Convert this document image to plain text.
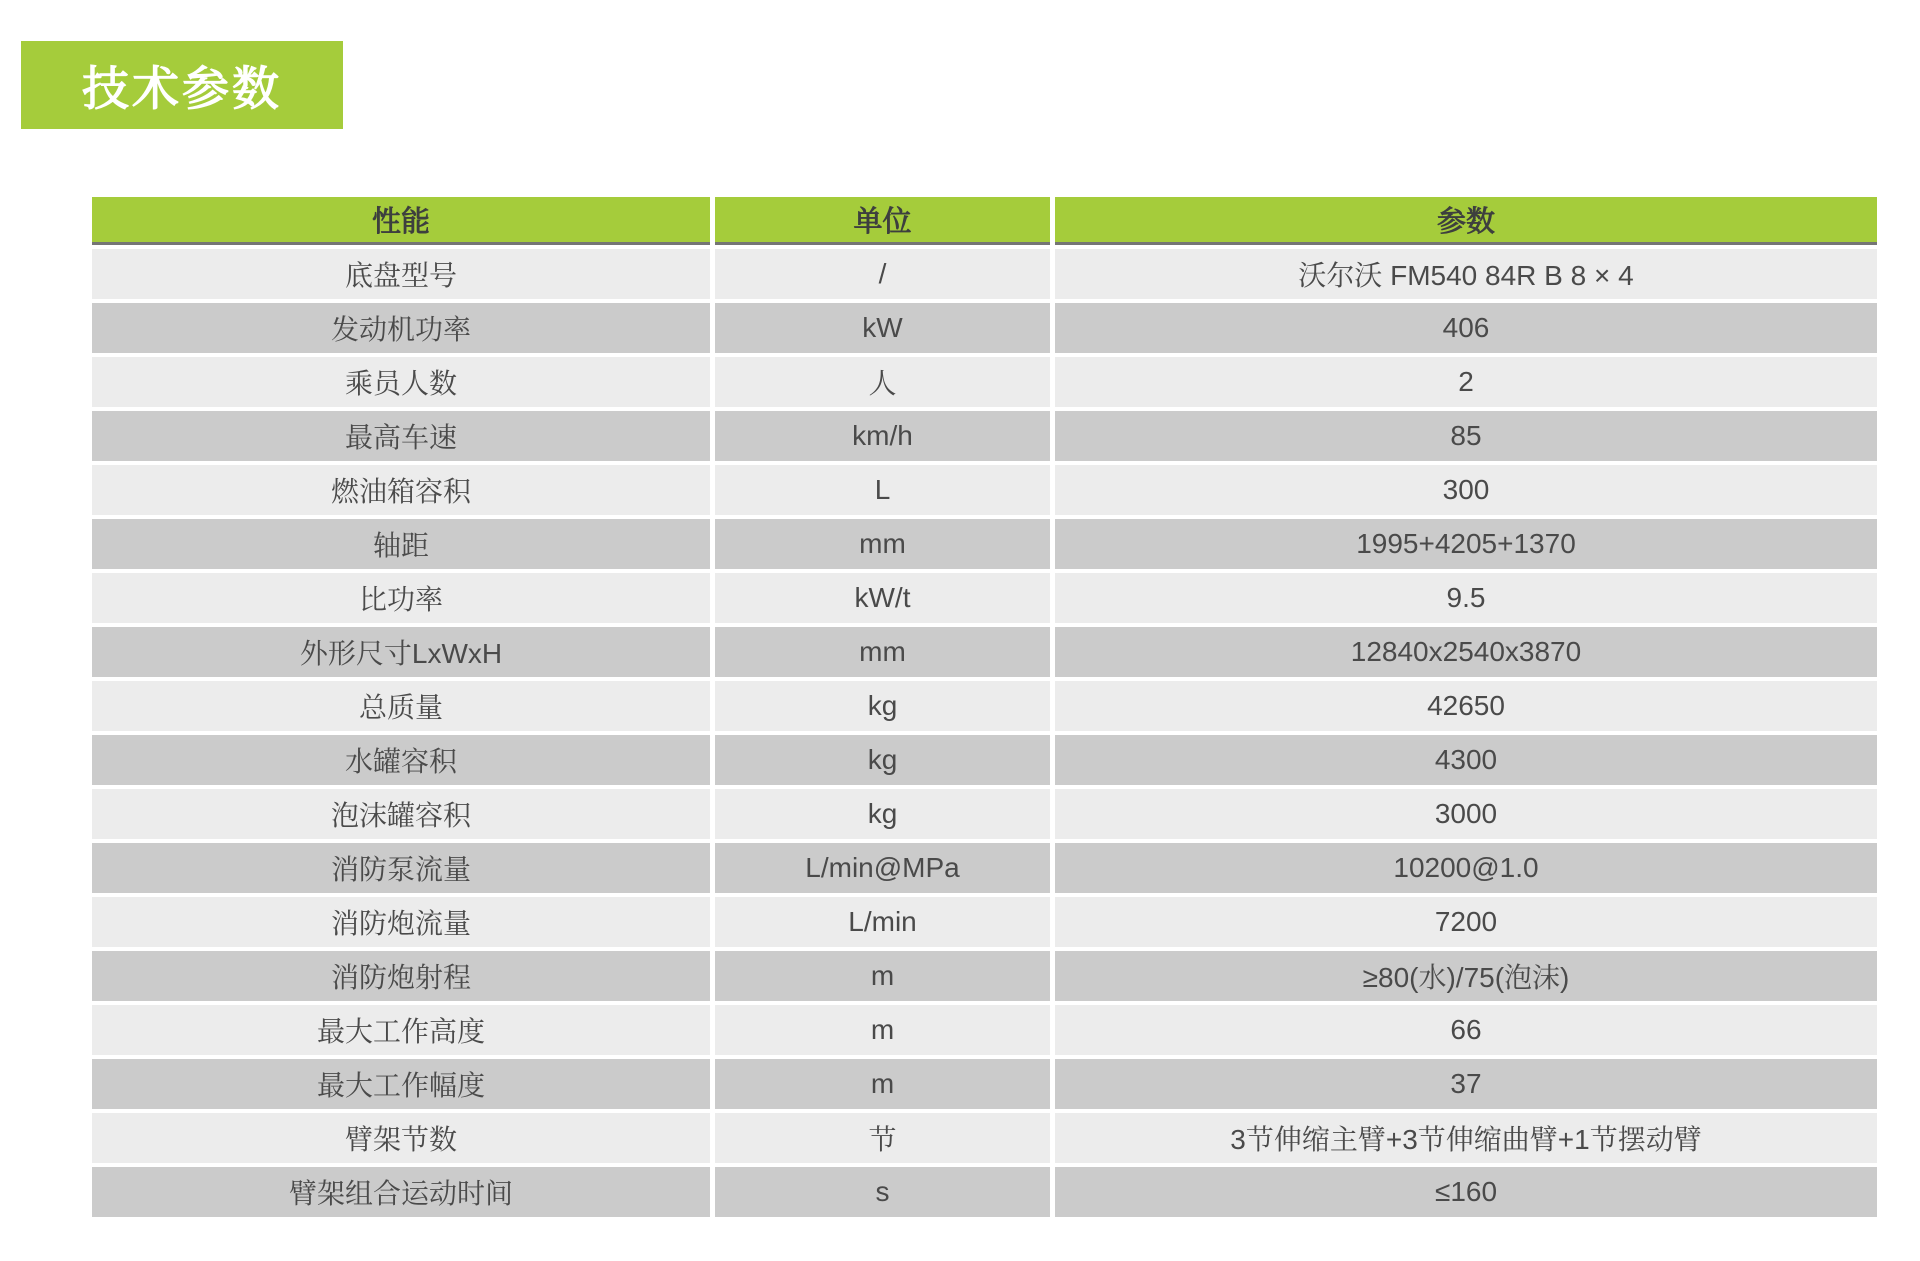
技术参数
性能	单位	参数
底盘型号	/	沃尔沃 FM540 84R B 8 × 4
发动机功率	kW	406
乘员人数	人	2
最高车速	km/h	85
燃油箱容积	L	300
轴距	mm	1995+4205+1370
比功率	kW/t	9.5
外形尺寸LxWxH	mm	12840x2540x3870
总质量	kg	42650
水罐容积	kg	4300
泡沫罐容积	kg	3000
消防泵流量	L/min@MPa	10200@1.0
消防炮流量	L/min	7200
消防炮射程	m	≥80(水)/75(泡沫)
最大工作高度	m	66
最大工作幅度	m	37
臂架节数	节	3节伸缩主臂+3节伸缩曲臂+1节摆动臂
臂架组合运动时间	s	≤160
